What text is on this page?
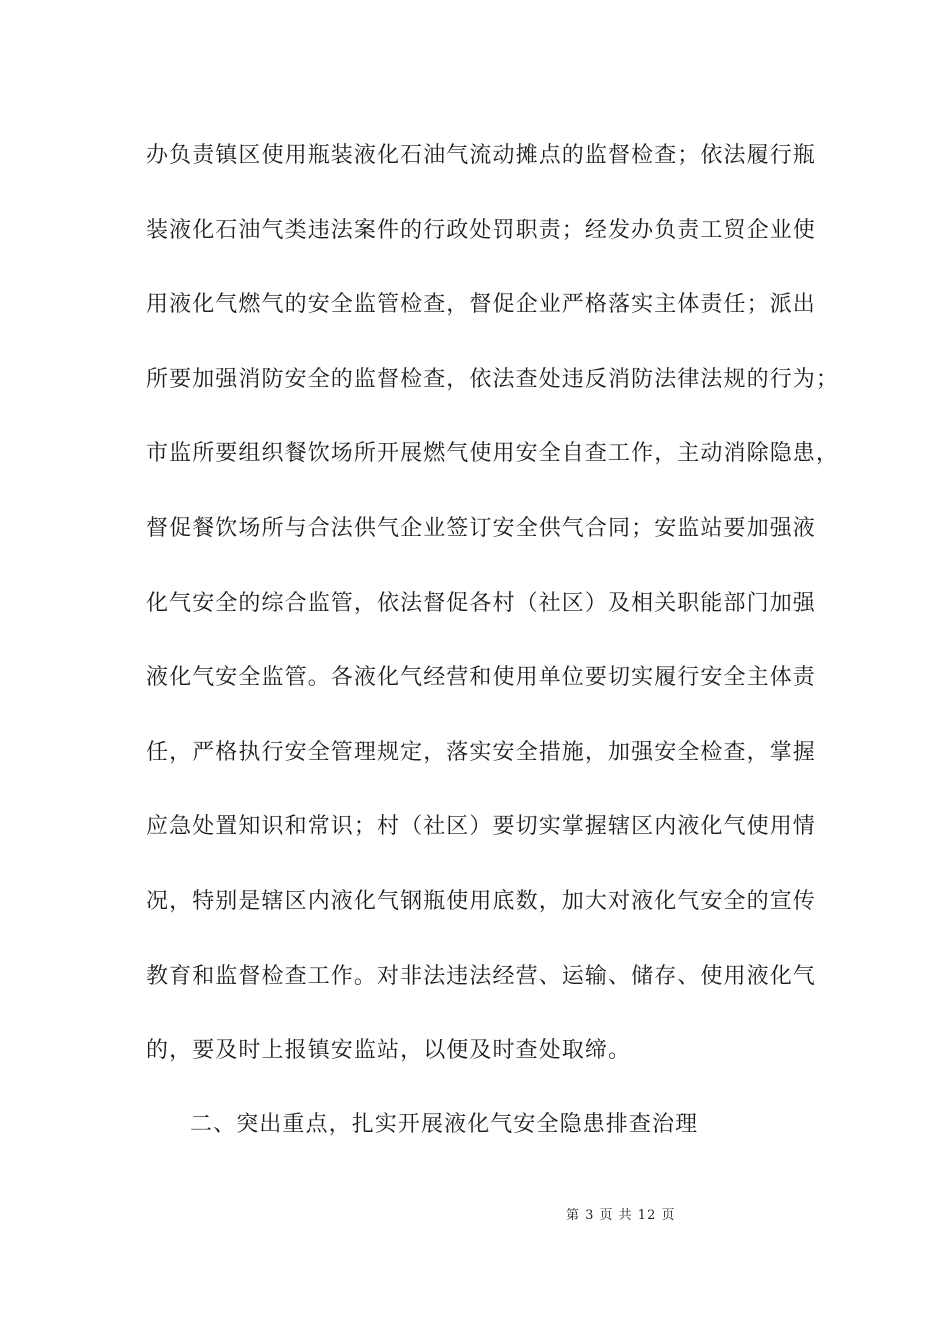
办负责镇区使用瓶装液化石油气流动摊点的监督检查；依法履行瓶
装液化石油气类违法案件的行政处罚职责；经发办负责工贸企业使
用液化气燃气的安全监管检查，督促企业严格落实主体责任；派出
所要加强消防安全的监督检查，依法查处违反消防法律法规的行为；
市监所要组织餐饮场所开展燃气使用安全自查工作，主动消除隐患，
督促餐饮场所与合法供气企业签订安全供气合同；安监站要加强液
化气安全的综合监管，依法督促各村（社区）及相关职能部门加强
液化气安全监管。各液化气经营和使用单位要切实履行安全主体责
任，严格执行安全管理规定，落实安全措施，加强安全检查，掌握
应急处置知识和常识；村（社区）要切实掌握辖区内液化气使用情
况，特别是辖区内液化气钢瓶使用底数，加大对液化气安全的宣传
教育和监督检查工作。对非法违法经营、运输、储存、使用液化气
的，要及时上报镇安监站，以便及时查处取缔。
二、突出重点，扎实开展液化气安全隐患排查治理
第 3 页 共 12 页
